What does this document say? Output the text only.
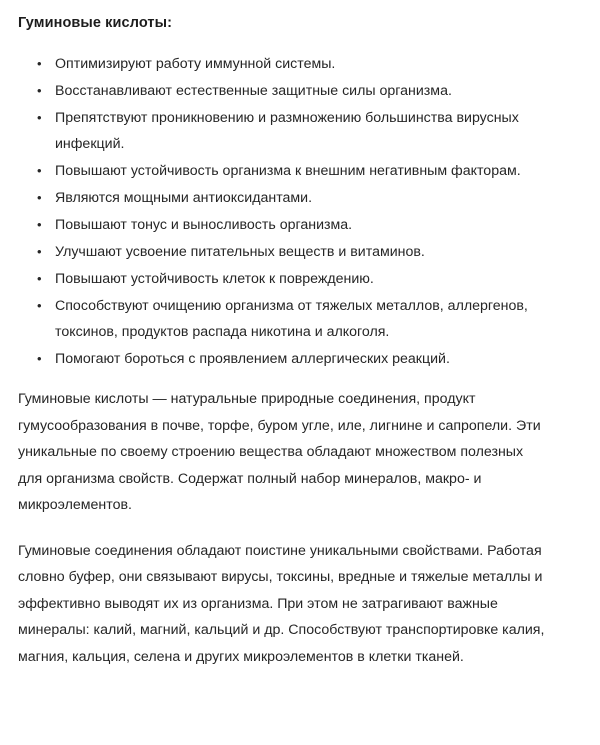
Гуминовые кислоты:
• Оптимизируют работу иммунной системы.
• Восстанавливают естественные защитные силы организма.
• Препятствуют проникновению и размножению большинства вирусных инфекций.
• Повышают устойчивость организма к внешним негативным факторам.
• Являются мощными антиоксидантами.
• Повышают тонус и выносливость организма.
• Улучшают усвоение питательных веществ и витаминов.
• Повышают устойчивость клеток к повреждению.
• Способствуют очищению организма от тяжелых металлов, аллергенов, токсинов, продуктов распада никотина и алкоголя.
• Помогают бороться с проявлением аллергических реакций.

Гуминовые кислоты — натуральные природные соединения, продукт гумусообразования в почве, торфе, буром угле, иле, лигнине и сапропели. Эти уникальные по своему строению вещества обладают множеством полезных для организма свойств. Содержат полный набор минералов, макро- и микроэлементов.

Гуминовые соединения обладают поистине уникальными свойствами. Работая словно буфер, они связывают вирусы, токсины, вредные и тяжелые металлы и эффективно выводят их из организма. При этом не затрагивают важные минералы: калий, магний, кальций и др. Способствуют транспортировке калия, магния, кальция, селена и других микроэлементов в клетки тканей.
